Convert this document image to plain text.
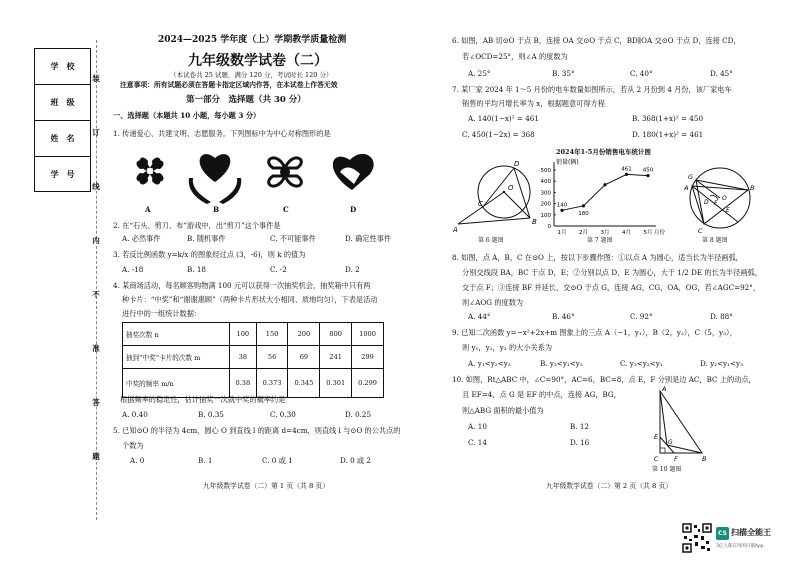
学　校
班　级
姓　名
学　号
装
订
线
内
不
准
答
题
2024—2025 学年度（上）学期教学质量检测
九年级数学试卷（二）
（本试卷共 25 试题，满分 120 分，考试时长 120 分）
注意事项：所有试题必须在答题卡指定区域内作答，在本试卷上作答无效
第一部分　选择题（共 30 分）
一、选择题（本题共 10 小题，每小题 3 分）
1. 传递爱心、共建文明、志愿服务。下列图标中为中心对称图形的是
A	B	C	D
2. 在“石头、剪刀、布”游戏中，出“剪刀”这个事件是
A. 必然事件	B. 随机事件	C. 不可能事件	D. 确定性事件
3. 若反比例函数 y=k/x 的图象经过点 (3，-6)，则 k 的值为
A. -18	B. 18	C. -2	D. 2
4. 某商场活动，每名顾客购物满 100 元可以获得一次抽奖机会，抽奖箱中只有两
种卡片：“中奖”和“谢谢惠顾”（两种卡片形状大小相同、质地均匀），下表是活动
进行中的一组统计数据：
抽奖次数 n	100	150	200	800	1000
抽到“中奖”卡片的次数 m	38	56	69	241	299
中奖的频率 m/n	0.38	0.373	0.345	0.301	0.299
根据频率的稳定性，估计抽奖一次就中奖的概率约是
A. 0.40	B. 0.35	C. 0.30	D. 0.25
5. 已知⊙O 的半径为 4cm，圆心 O 到直线 l 的距离 d=4cm，则直线 l 与⊙O 的公共点的
个数为
A. 0	B. 1	C. 0 或 1	D. 0 或 2
九年级数学试卷（二）第 1 页（共 8 页）
6. 如图，AB 切⊙O 于点 B，连接 OA 交⊙O 于点 C，BD∥OA 交⊙O 于点 D，连接 CD，
若∠OCD=25°，则∠A 的度数为
A. 25°	B. 35°	C. 40°	D. 45°
7. 某厂家 2024 年 1～5 月份的电车数量如图所示，若从 2 月份到 4 月份，该厂家电车
销售的平均月增长率为 x，根据题意可得方程
A. 140(1−x)² = 461	B. 368(1+x)² = 450
C. 450(1−2x) = 368	D. 180(1+x)² = 461
O
A
B
C
D
第 6 题图
2024年1-5月份销售电车统计图
销量(辆)
月份
0
100
200
300
400
500
1月 2月 3月 4月 5月
140
180
461 450
第 7 题图
G
A	B
C
F
O
D
E
第 8 题图
8. 如图，点 A，B，C 在⊙O 上，按以下步骤作图：①以点 A 为圆心，适当长为半径画弧，
分别交线段 BA，BC 于点 D，E；②分别以点 D，E 为圆心，大于 1/2 DE 的长为半径画弧，
交于点 F；③连接 BF 并延长，交⊙O 于点 G，连接 AG，CG，OA，OG，若∠AGC=92°，
则∠AOG 的度数为
A. 44°	B. 46°	C. 92°	D. 88°
9. 已知二次函数 y=−x²+2x+m 图象上的三点 A（−1，y₁），B（2，y₂），C（5，y₃），
则 y₁，y₂，y₃ 的大小关系为
A. y₁<y₂<y₃	B. y₃<y₁<y₂	C. y₃<y₂<y₁	D. y₂<y₁<y₃
10. 如图，Rt△ABC 中，∠C=90°，AC=6，BC=8，点 E，F 分别是边 AC，BC 上的动点，
且 EF=4，点 G 是 EF 的中点，连接 AG，BG，
则△ABG 面积的最小值为
A. 10	B. 12
C. 14	D. 16
A
E
G
C F	B
第 10 题图
九年级数学试卷（二）第 2 页（共 8 页）
CS 扫描全能王
3亿人都在用的扫描App
